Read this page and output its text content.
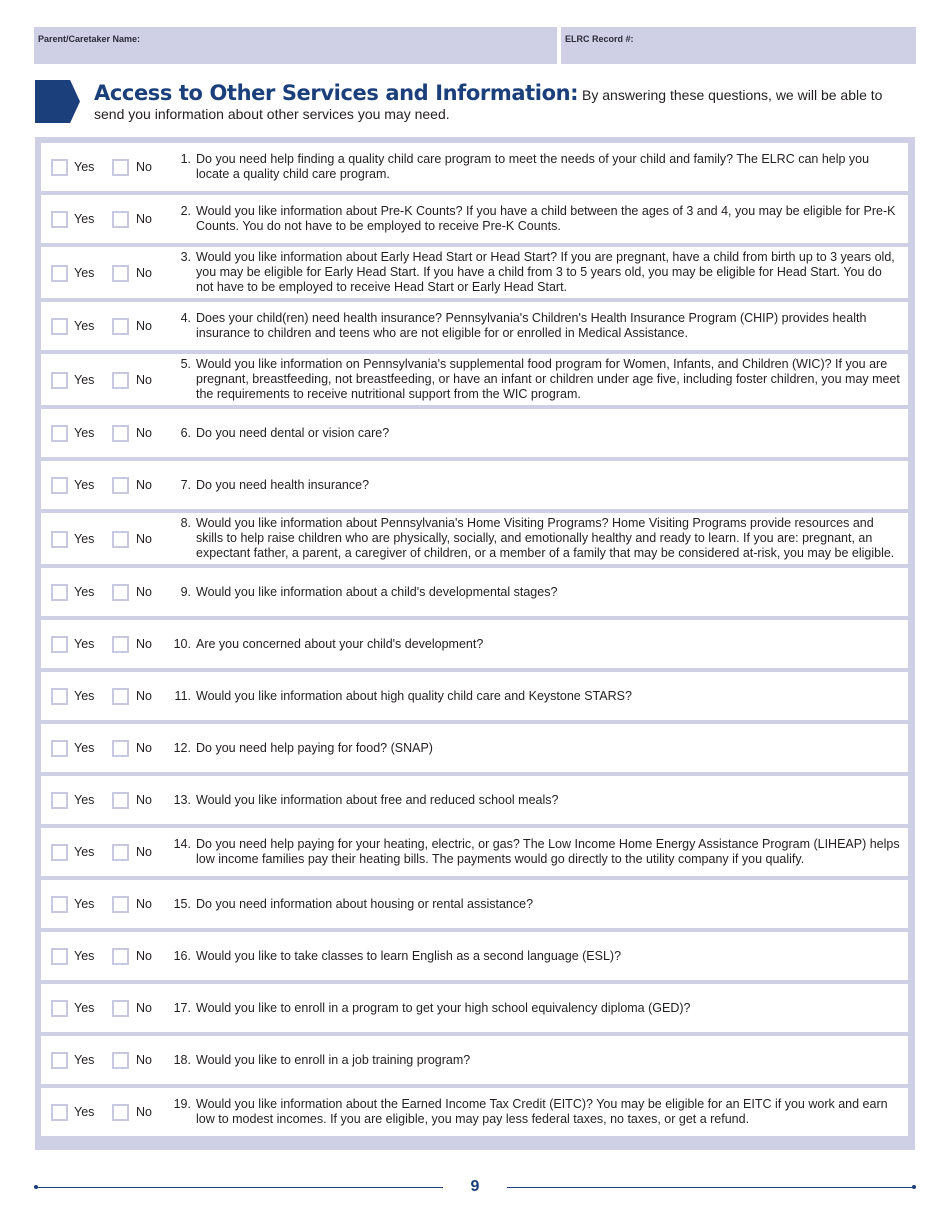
Parent/Caretaker Name:	ELRC Record #:
Access to Other Services and Information: By answering these questions, we will be able to send you information about other services you may need.
Yes	No
1. Do you need help finding a quality child care program to meet the needs of your child and family? The ELRC can help you locate a quality child care program.
Yes	No
2. Would you like information about Pre-K Counts? If you have a child between the ages of 3 and 4, you may be eligible for Pre-K Counts. You do not have to be employed to receive Pre-K Counts.
Yes	No
3. Would you like information about Early Head Start or Head Start? If you are pregnant, have a child from birth up to 3 years old, you may be eligible for Early Head Start. If you have a child from 3 to 5 years old, you may be eligible for Head Start. You do not have to be employed to receive Head Start or Early Head Start.
Yes	No
4. Does your child(ren) need health insurance? Pennsylvania's Children's Health Insurance Program (CHIP) provides health insurance to children and teens who are not eligible for or enrolled in Medical Assistance.
Yes	No
5. Would you like information on Pennsylvania's supplemental food program for Women, Infants, and Children (WIC)? If you are pregnant, breastfeeding, not breastfeeding, or have an infant or children under age five, including foster children, you may meet the requirements to receive nutritional support from the WIC program.
Yes	No	6. Do you need dental or vision care?
Yes	No	7. Do you need health insurance?
Yes	No
8. Would you like information about Pennsylvania's Home Visiting Programs? Home Visiting Programs provide resources and skills to help raise children who are physically, socially, and emotionally healthy and ready to learn. If you are: pregnant, an expectant father, a parent, a caregiver of children, or a member of a family that may be considered at-risk, you may be eligible.
Yes	No	9. Would you like information about a child's developmental stages?
Yes	No	10. Are you concerned about your child's development?
Yes	No	11. Would you like information about high quality child care and Keystone STARS?
Yes	No	12. Do you need help paying for food? (SNAP)
Yes	No	13. Would you like information about free and reduced school meals?
Yes	No
14. Do you need help paying for your heating, electric, or gas? The Low Income Home Energy Assistance Program (LIHEAP) helps low income families pay their heating bills. The payments would go directly to the utility company if you qualify.
Yes	No	15. Do you need information about housing or rental assistance?
Yes	No	16. Would you like to take classes to learn English as a second language (ESL)?
Yes	No	17. Would you like to enroll in a program to get your high school equivalency diploma (GED)?
Yes	No	18. Would you like to enroll in a job training program?
Yes	No
19. Would you like information about the Earned Income Tax Credit (EITC)? You may be eligible for an EITC if you work and earn low to modest incomes. If you are eligible, you may pay less federal taxes, no taxes, or get a refund.
9
